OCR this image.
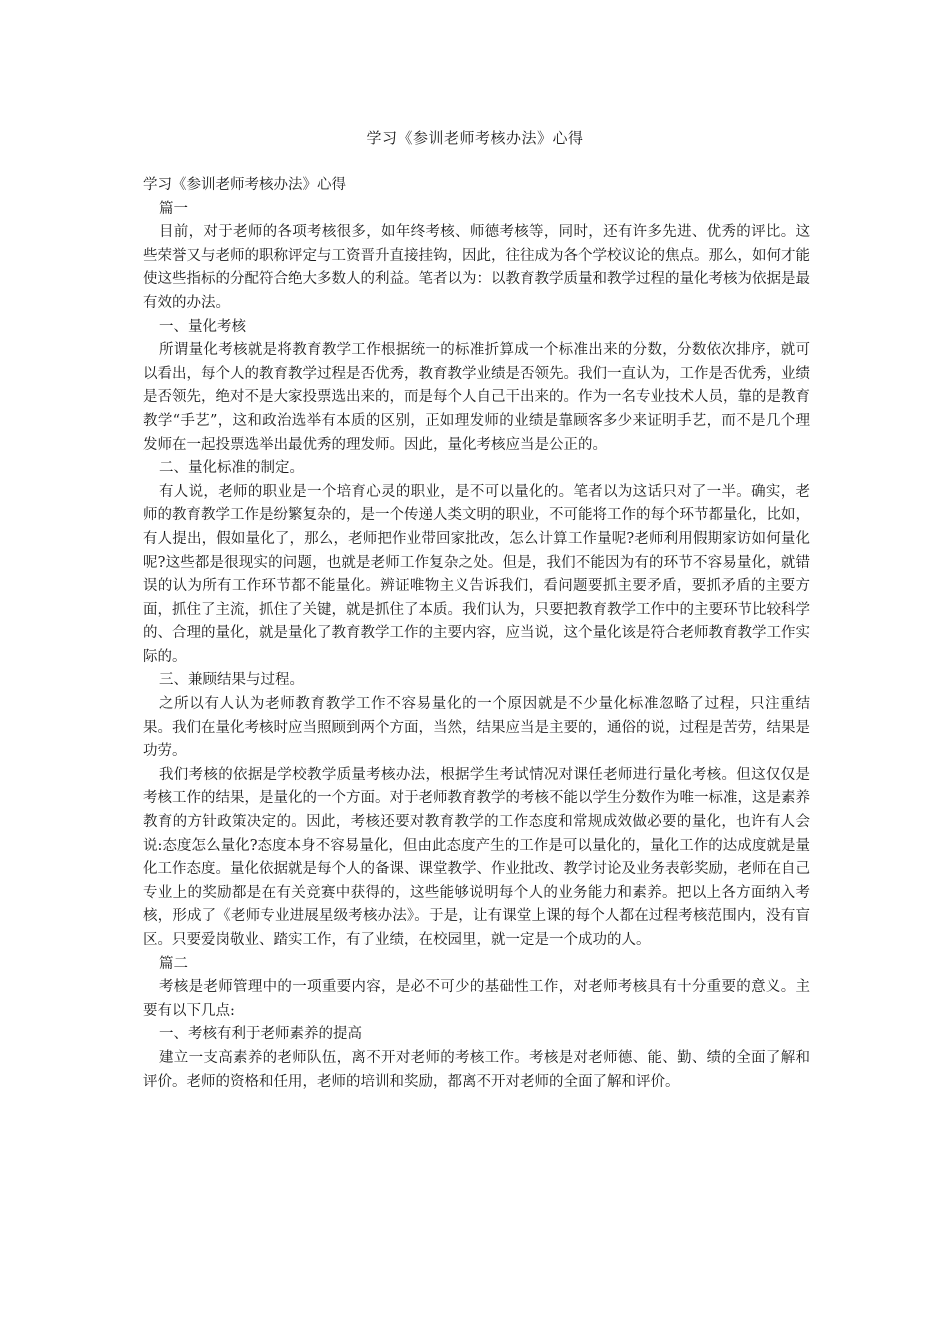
学习《参训老师考核办法》心得

学习《参训老师考核办法》心得

篇一

目前，对于老师的各项考核很多，如年终考核、师德考核等，同时，还有许多先进、优秀的评比。这些荣誉又与老师的职称评定与工资晋升直接挂钩，因此，往往成为各个学校议论的焦点。那么，如何才能使这些指标的分配符合绝大多数人的利益。笔者以为：以教育教学质量和教学过程的量化考核为依据是最有效的办法。

一、量化考核

所谓量化考核就是将教育教学工作根据统一的标准折算成一个标准出来的分数，分数依次排序，就可以看出，每个人的教育教学过程是否优秀，教育教学业绩是否领先。我们一直认为，工作是否优秀，业绩是否领先，绝对不是大家投票选出来的，而是每个人自己干出来的。作为一名专业技术人员，靠的是教育教学“手艺”，这和政治选举有本质的区别，正如理发师的业绩是靠顾客多少来证明手艺，而不是几个理发师在一起投票选举出最优秀的理发师。因此，量化考核应当是公正的。

二、量化标准的制定。

有人说，老师的职业是一个培育心灵的职业，是不可以量化的。笔者以为这话只对了一半。确实，老师的教育教学工作是纷繁复杂的，是一个传递人类文明的职业，不可能将工作的每个环节都量化，比如，有人提出，假如量化了，那么，老师把作业带回家批改，怎么计算工作量呢?老师利用假期家访如何量化呢?这些都是很现实的问题，也就是老师工作复杂之处。但是，我们不能因为有的环节不容易量化，就错误的认为所有工作环节都不能量化。辨证唯物主义告诉我们，看问题要抓主要矛盾，要抓矛盾的主要方面，抓住了主流，抓住了关键，就是抓住了本质。我们认为，只要把教育教学工作中的主要环节比较科学的、合理的量化，就是量化了教育教学工作的主要内容，应当说，这个量化该是符合老师教育教学工作实际的。

三、兼顾结果与过程。

之所以有人认为老师教育教学工作不容易量化的一个原因就是不少量化标准忽略了过程，只注重结果。我们在量化考核时应当照顾到两个方面，当然，结果应当是主要的，通俗的说，过程是苦劳，结果是功劳。

我们考核的依据是学校教学质量考核办法，根据学生考试情况对课任老师进行量化考核。但这仅仅是考核工作的结果，是量化的一个方面。对于老师教育教学的考核不能以学生分数作为唯一标准，这是素养教育的方针政策决定的。因此，考核还要对教育教学的工作态度和常规成效做必要的量化，也许有人会说:态度怎么量化?态度本身不容易量化，但由此态度产生的工作是可以量化的，量化工作的达成度就是量化工作态度。量化依据就是每个人的备课、课堂教学、作业批改、教学讨论及业务表彰奖励，老师在自己专业上的奖励都是在有关竞赛中获得的，这些能够说明每个人的业务能力和素养。把以上各方面纳入考核，形成了《老师专业进展星级考核办法》。于是，让有课堂上课的每个人都在过程考核范围内，没有盲区。只要爱岗敬业、踏实工作，有了业绩，在校园里，就一定是一个成功的人。

篇二

考核是老师管理中的一项重要内容，是必不可少的基础性工作，对老师考核具有十分重要的意义。主要有以下几点:

一、考核有利于老师素养的提高

建立一支高素养的老师队伍，离不开对老师的考核工作。考核是对老师德、能、勤、绩的全面了解和评价。老师的资格和任用，老师的培训和奖励，都离不开对老师的全面了解和评价。
